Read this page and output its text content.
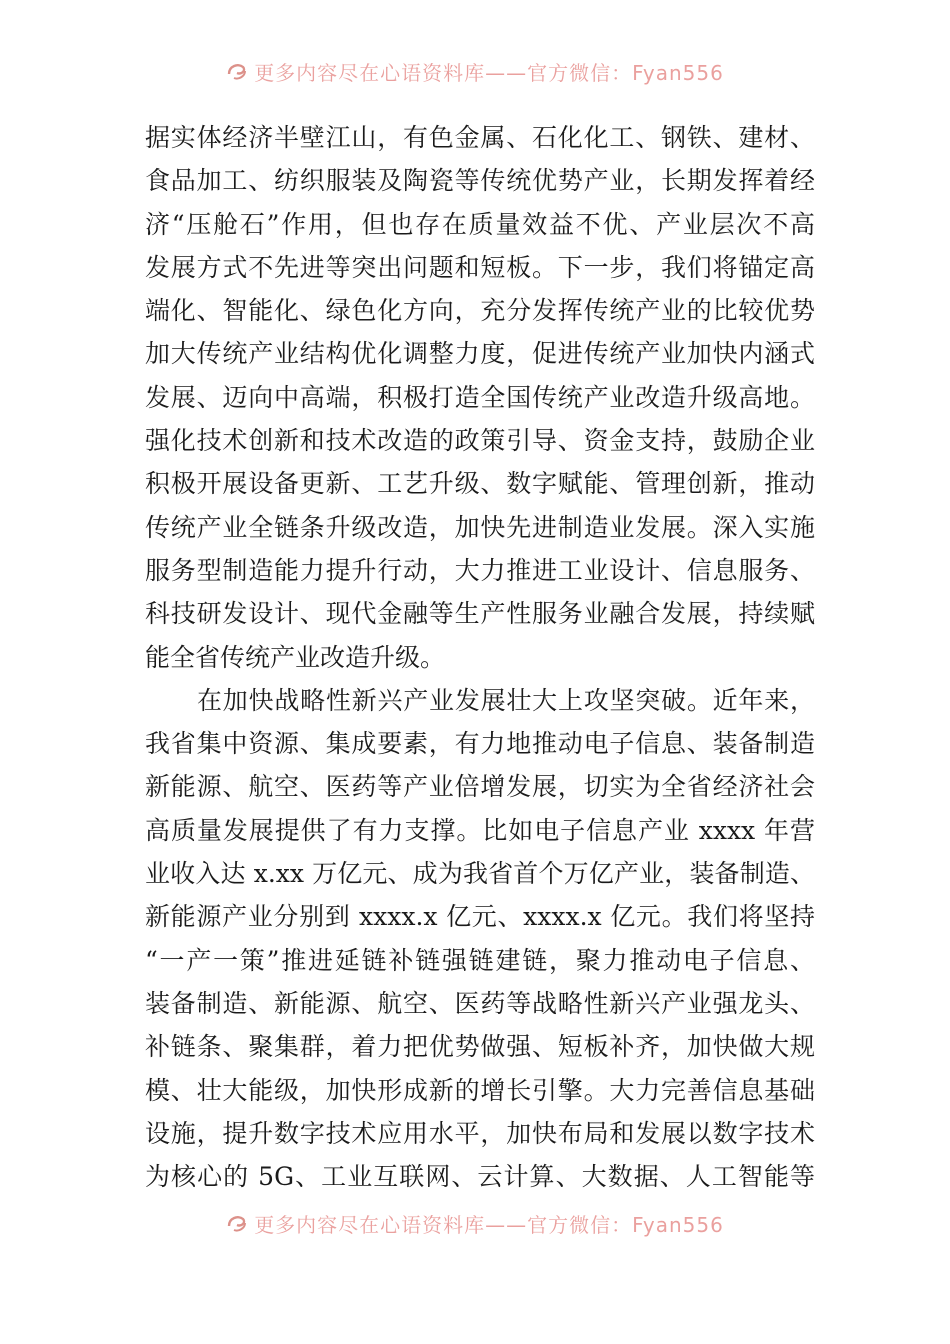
更多内容尽在心语资料库——官方微信：Fyan556
据实体经济半壁江山，有色金属、石化化工、钢铁、建材、
食品加工、纺织服装及陶瓷等传统优势产业，长期发挥着经
济“压舱石”作用，但也存在质量效益不优、产业层次不高
发展方式不先进等突出问题和短板。下一步，我们将锚定高
端化、智能化、绿色化方向，充分发挥传统产业的比较优势
加大传统产业结构优化调整力度，促进传统产业加快内涵式
发展、迈向中高端，积极打造全国传统产业改造升级高地。
强化技术创新和技术改造的政策引导、资金支持，鼓励企业
积极开展设备更新、工艺升级、数字赋能、管理创新，推动
传统产业全链条升级改造，加快先进制造业发展。深入实施
服务型制造能力提升行动，大力推进工业设计、信息服务、
科技研发设计、现代金融等生产性服务业融合发展，持续赋
能全省传统产业改造升级。
在加快战略性新兴产业发展壮大上攻坚突破。近年来，
我省集中资源、集成要素，有力地推动电子信息、装备制造
新能源、航空、医药等产业倍增发展，切实为全省经济社会
高质量发展提供了有力支撑。比如电子信息产业 xxxx 年营
业收入达 x.xx 万亿元、成为我省首个万亿产业，装备制造、
新能源产业分别到 xxxx.x 亿元、xxxx.x 亿元。我们将坚持
“一产一策”推进延链补链强链建链，聚力推动电子信息、
装备制造、新能源、航空、医药等战略性新兴产业强龙头、
补链条、聚集群，着力把优势做强、短板补齐，加快做大规
模、壮大能级，加快形成新的增长引擎。大力完善信息基础
设施，提升数字技术应用水平，加快布局和发展以数字技术
为核心的 5G、工业互联网、云计算、大数据、人工智能等
更多内容尽在心语资料库——官方微信：Fyan556
